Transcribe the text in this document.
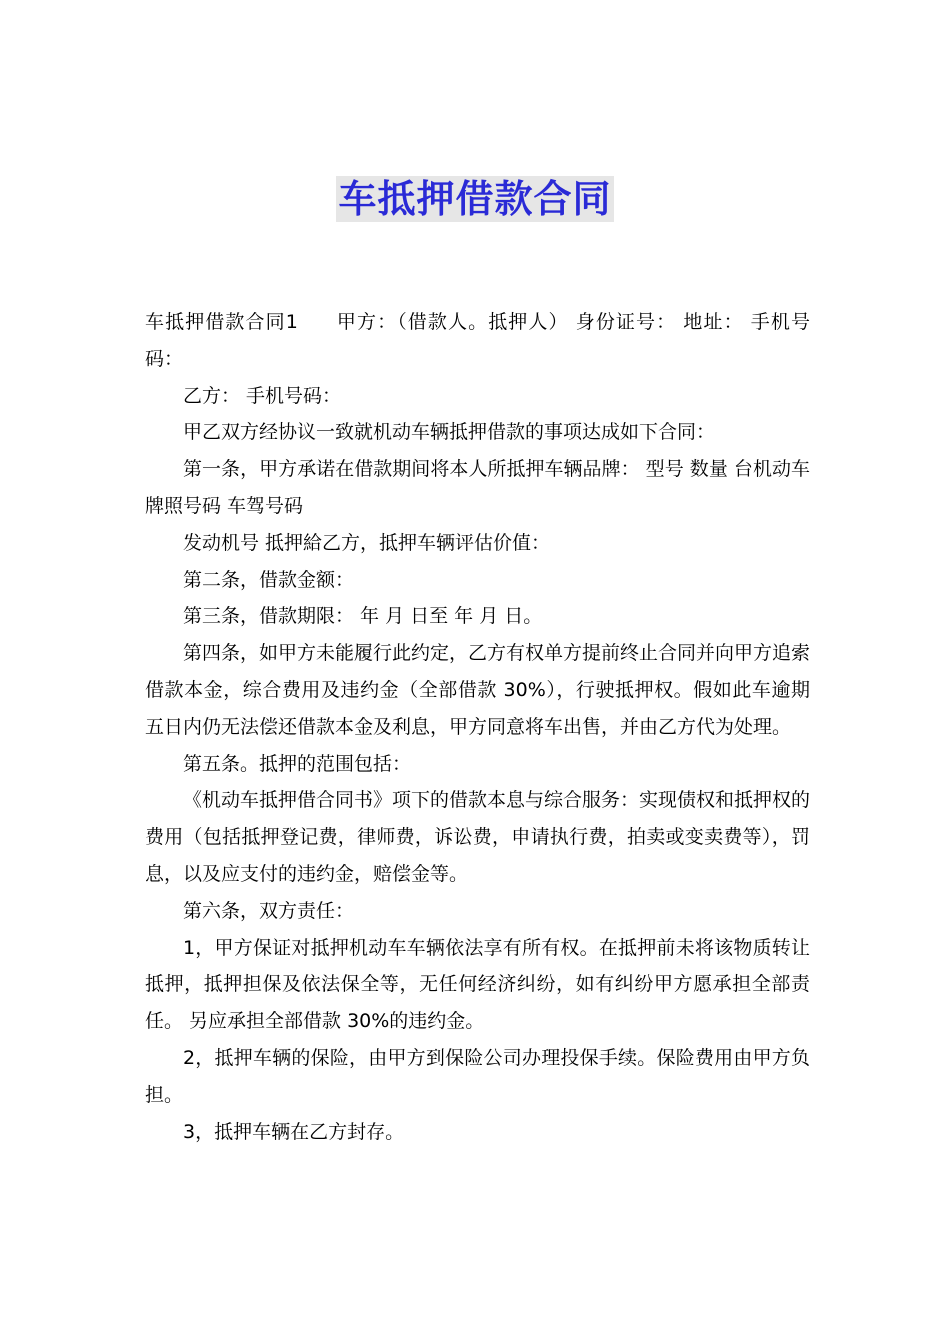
车抵押借款合同

车抵押借款合同1 甲方：（借款人。抵押人） 身份证号： 地址： 手机号码：

乙方： 手机号码：

甲乙双方经协议一致就机动车辆抵押借款的事项达成如下合同：

第一条，甲方承诺在借款期间将本人所抵押车辆品牌： 型号 数量 台机动车牌照号码 车驾号码

发动机号 抵押給乙方，抵押车辆评估价值：

第二条，借款金额：

第三条，借款期限： 年 月 日至 年 月 日。

第四条，如甲方未能履行此约定，乙方有权单方提前终止合同并向甲方追索借款本金，综合费用及违约金（全部借款 30%），行驶抵押权。假如此车逾期五日内仍无法偿还借款本金及利息，甲方同意将车出售，并由乙方代为处理。

第五条。抵押的范围包括：

《机动车抵押借合同书》项下的借款本息与综合服务：实现债权和抵押权的费用（包括抵押登记费，律师费，诉讼费，申请执行费，拍卖或变卖费等），罚息，以及应支付的违约金，赔偿金等。

第六条，双方责任：

1，甲方保证对抵押机动车车辆依法享有所有权。在抵押前未将该物质转让抵押，抵押担保及依法保全等，无任何经济纠纷，如有纠纷甲方愿承担全部责任。 另应承担全部借款 30%的违约金。

2，抵押车辆的保险，由甲方到保险公司办理投保手续。保险费用由甲方负担。

3，抵押车辆在乙方封存。
